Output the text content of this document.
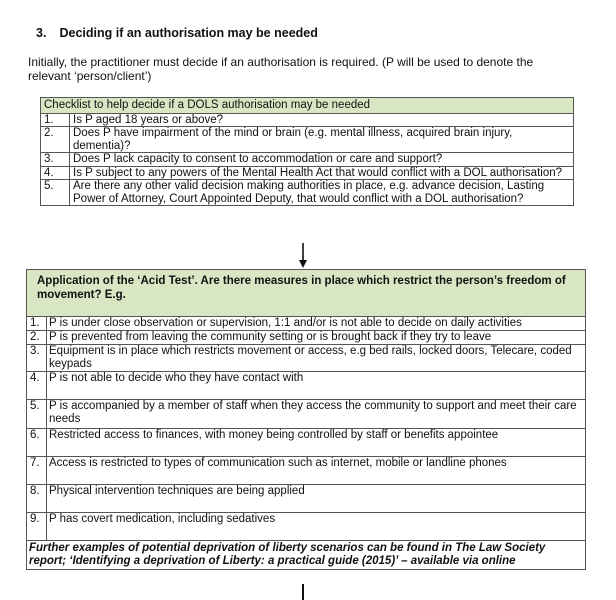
3. Deciding if an authorisation may be needed
Initially, the practitioner must decide if an authorisation is required. (P will be used to denote the relevant ‘person/client’)
Checklist to help decide if a DOLS authorisation may be needed	
1.	Is P aged 18 years or above?
2.	Does P have impairment of the mind or brain (e.g. mental illness, acquired brain injury, dementia)?
3.	Does P lack capacity to consent to accommodation or care and support?
4.	Is P subject to any powers of the Mental Health Act that would conflict with a DOL authorisation?
5.	Are there any other valid decision making authorities in place, e.g. advance decision, Lasting Power of Attorney, Court Appointed Deputy, that would conflict with a DOL authorisation?
Application of the ‘Acid Test’. Are there measures in place which restrict the person’s freedom of movement? E.g.	
1.	P is under close observation or supervision, 1:1 and/or is not able to decide on daily activities
2.	P is prevented from leaving the community setting or is brought back if they try to leave
3.	Equipment is in place which restricts movement or access, e.g bed rails, locked doors, Telecare, coded keypads
4.	P is not able to decide who they have contact with
5.	P is accompanied by a member of staff when they access the community to support and meet their care needs
6.	Restricted access to finances, with money being controlled by staff or benefits appointee
7.	Access is restricted to types of communication such as internet, mobile or landline phones
8.	Physical intervention techniques are being applied
9.	P has covert medication, including sedatives
Further examples of potential deprivation of liberty scenarios can be found in The Law Society report; ‘Identifying a deprivation of Liberty: a practical guide (2015)’ – available via online	
